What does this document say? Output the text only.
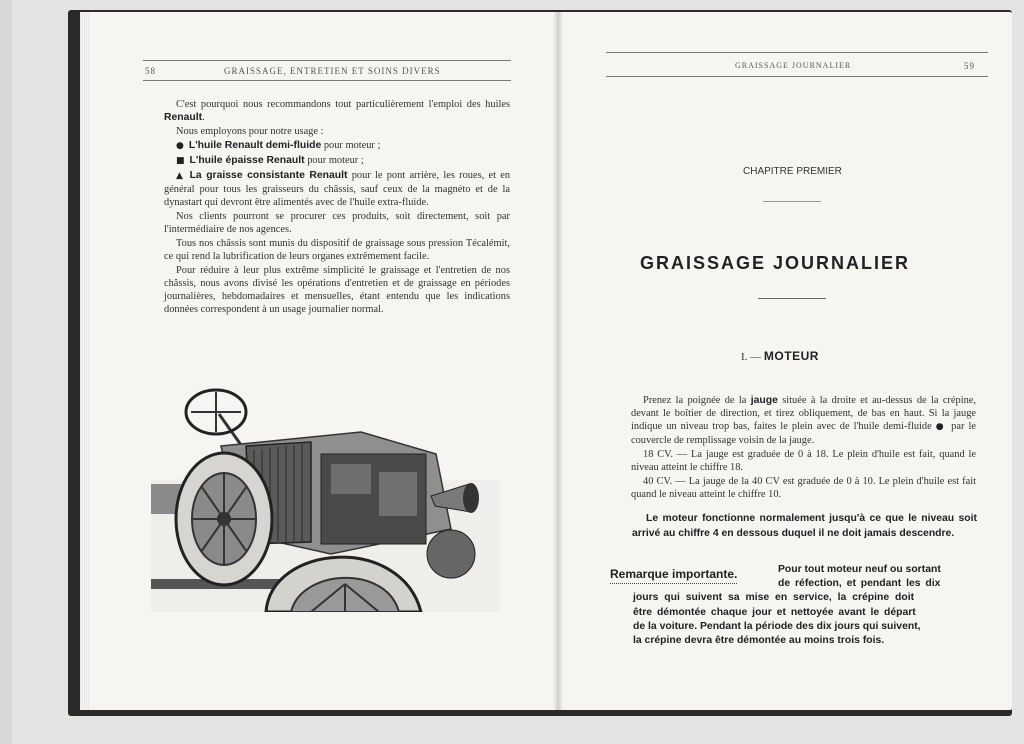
58	GRAISSAGE, ENTRETIEN ET SOINS DIVERS

C'est pourquoi nous recommandons tout particulièrement l'emploi des huiles Renault.

Nous employons pour notre usage :

● L'huile Renault demi-fluide pour moteur ;

■ L'huile épaisse Renault pour moteur ;

▲ La graisse consistante Renault pour le pont arrière, les roues, et en général pour tous les graisseurs du châssis, sauf ceux de la magnéto et de la dynastart qui devront être alimentés avec de l'huile extra-fluide.

Nos clients pourront se procurer ces produits, soit directement, soit par l'intermédiaire de nos agences.

Tous nos châssis sont munis du dispositif de graissage sous pression Técalémit, ce qui rend la lubrification de leurs organes extrêmement facile.

Pour réduire à leur plus extrême simplicité le graissage et l'entretien de nos châssis, nous avons divisé les opérations d'entretien et de graissage en périodes journalières, hebdomadaires et mensuelles, étant entendu que les indications données correspondent à un usage journalier normal.

GRAISSAGE JOURNALIER	59
CHAPITRE PREMIER
GRAISSAGE JOURNALIER
I. — MOTEUR

Prenez la poignée de la jauge située à la droite et au-dessus de la crépine, devant le boîtier de direction, et tirez obliquement, de bas en haut. Si la jauge indique un niveau trop bas, faites le plein avec de l'huile demi-fluide ● par le couvercle de remplissage voisin de la jauge.

18 CV. — La jauge est graduée de 0 à 18. Le plein d'huile est fait, quand le niveau atteint le chiffre 18.

40 CV. — La jauge de la 40 CV est graduée de 0 à 10. Le plein d'huile est fait quand le niveau atteint le chiffre 10.

Le moteur fonctionne normalement jusqu'à ce que le niveau soit arrivé au chiffre 4 en dessous duquel il ne doit jamais descendre.
Remarque importante.	Pour tout moteur neuf ou sortant
de réfection, et pendant les dix
jours qui suivent sa mise en service, la crépine doit
être démontée chaque jour et nettoyée avant le départ
de la voiture. Pendant la période des dix jours qui suivent,
la crépine devra être démontée au moins trois fois.
